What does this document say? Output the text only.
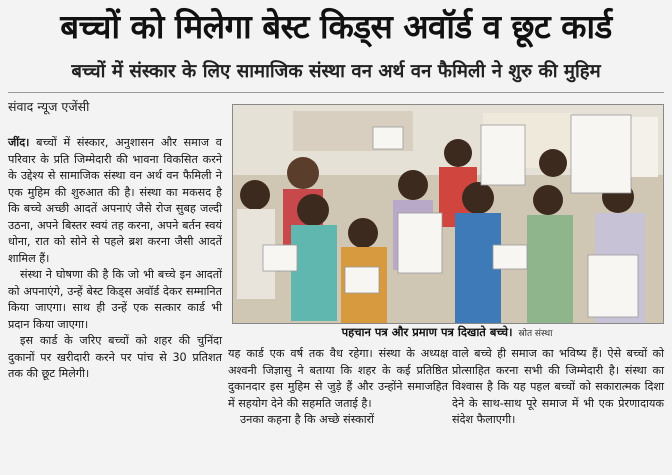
बच्चों को मिलेगा बेस्ट किड्स अवॉर्ड व छूट कार्ड
बच्चों में संस्कार के लिए सामाजिक संस्था वन अर्थ वन फैमिली ने शुरु की मुहिम
संवाद न्यूज एजेंसी

जींद। बच्चों में संस्कार, अनुशासन और समाज व परिवार के प्रति जिम्मेदारी की भावना विकसित करने के उद्देश्य से सामाजिक संस्था वन अर्थ वन फैमिली ने एक मुहिम की शुरुआत की है। संस्था का मकसद है कि बच्चे अच्छी आदतें अपनाएं जैसे रोज सुबह जल्दी उठना, अपने बिस्तर स्वयं तह करना, अपने बर्तन स्वयं धोना, रात को सोने से पहले ब्रश करना जैसी आदतें शामिल हैं।

संस्था ने घोषणा की है कि जो भी बच्चे इन आदतों को अपनाएंगे, उन्हें बेस्ट किड्स अवॉर्ड देकर सम्मानित किया जाएगा। साथ ही उन्हें एक सत्कार कार्ड भी प्रदान किया जाएगा।

इस कार्ड के जरिए बच्चों को शहर की चुनिंदा दुकानों पर खरीदारी करने पर पांच से 30 प्रतिशत तक की छूट मिलेगी।

पहचान पत्र और प्रमाण पत्र दिखाते बच्चे। स्रोत संस्था

यह कार्ड एक वर्ष तक वैध रहेगा। संस्था के अध्यक्ष अश्वनी जिज्ञासु ने बताया कि शहर के कई प्रतिष्ठित दुकानदार इस मुहिम से जुड़े हैं और उन्होंने समाजहित में सहयोग देने की सहमति जताई है।

उनका कहना है कि अच्छे संस्कारों

वाले बच्चे ही समाज का भविष्य हैं। ऐसे बच्चों को प्रोत्साहित करना सभी की जिम्मेदारी है। संस्था का विश्वास है कि यह पहल बच्चों को सकारात्मक दिशा देने के साथ-साथ पूरे समाज में भी एक प्रेरणादायक संदेश फैलाएगी।
